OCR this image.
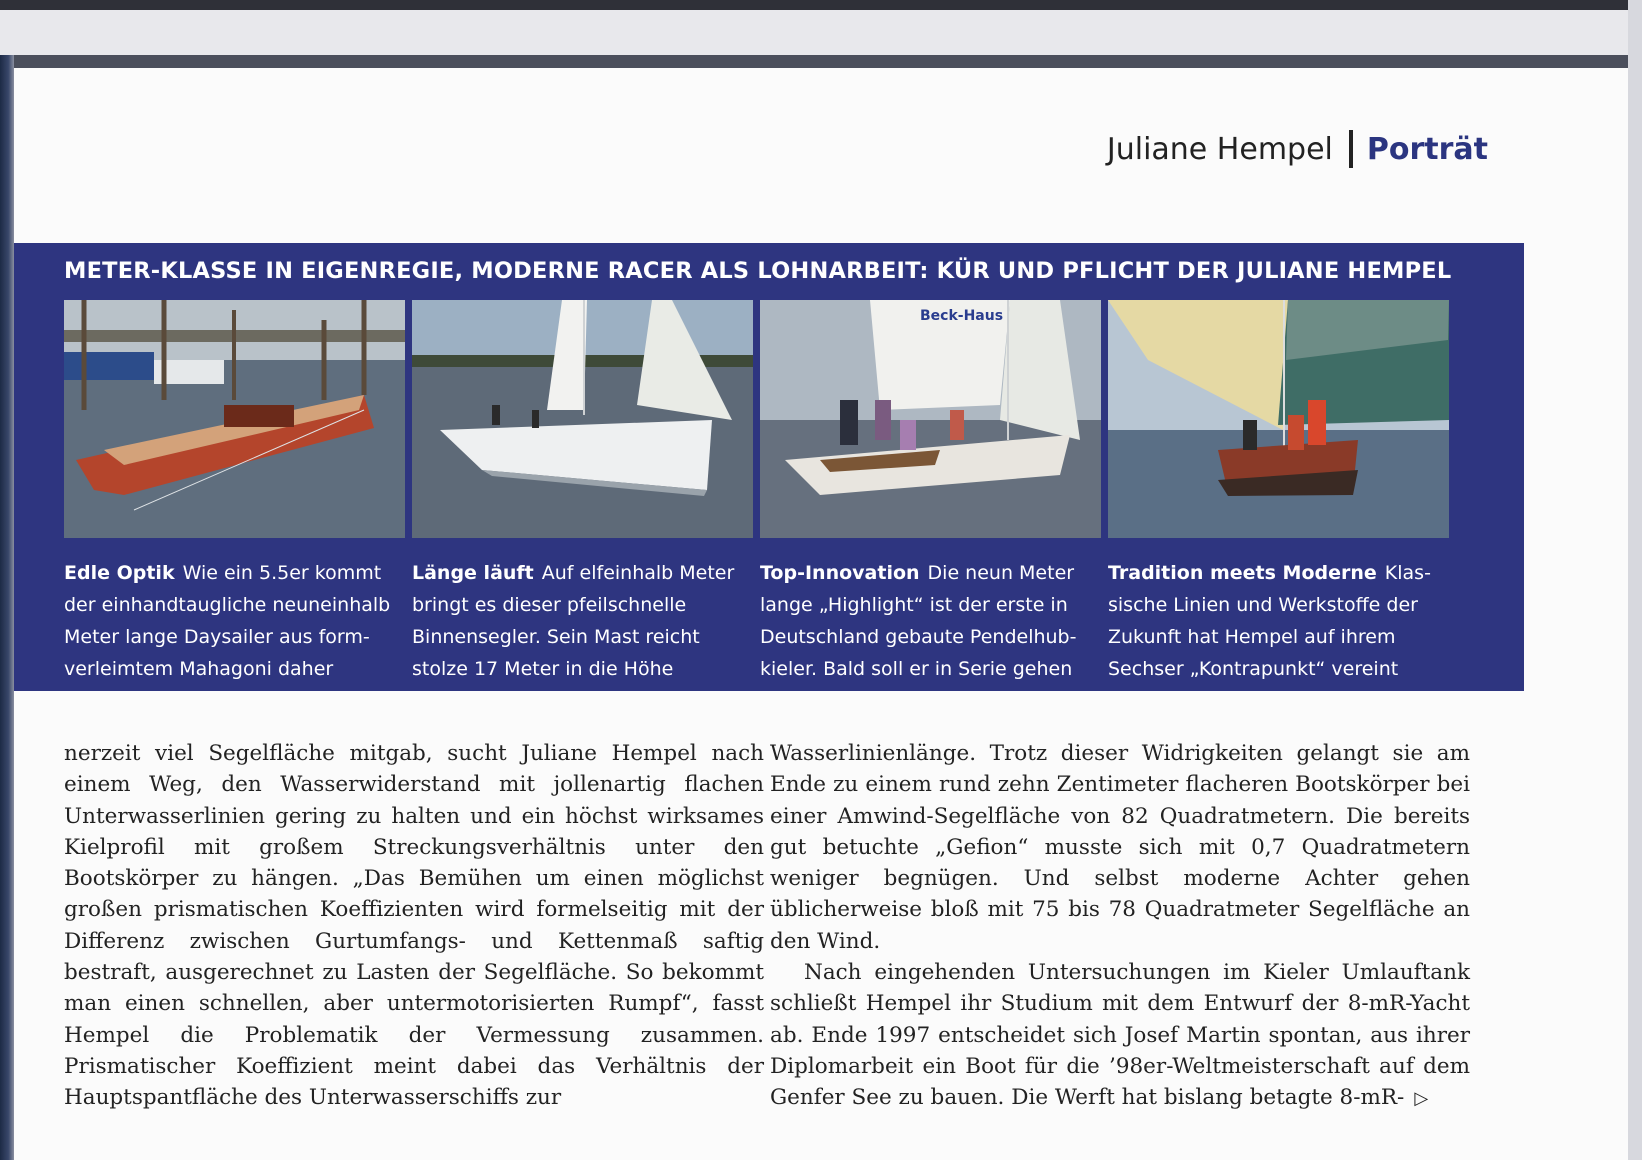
Juliane Hempel Porträt
METER-KLASSE IN EIGENREGIE, MODERNE RACER ALS LOHNARBEIT: KÜR UND PFLICHT DER JULIANE HEMPEL
Beck-Haus
Edle Optik Wie ein 5.5er kommt der einhandtaugliche neuneinhalb Meter lange Daysailer aus formverleimtem Mahagoni daher
Länge läuft Auf elfeinhalb Meter bringt es dieser pfeilschnelle Binnensegler. Sein Mast reicht stolze 17 Meter in die Höhe
Top-Innovation Die neun Meter lange „Highlight“ ist der erste in Deutschland gebaute Pendelhubkieler. Bald soll er in Serie gehen
Tradition meets Moderne Klassische Linien und Werkstoffe der Zukunft hat Hempel auf ihrem Sechser „Kontrapunkt“ vereint

nerzeit viel Segelfläche mitgab, sucht Juliane Hempel nach einem Weg, den Wasserwiderstand mit jollenartig flachen Unterwasserlinien gering zu halten und ein höchst wirksames Kielprofil mit großem Streckungsverhältnis unter den Bootskörper zu hängen. „Das Bemühen um einen möglichst großen prismatischen Koeffizienten wird formelseitig mit der Differenz zwischen Gurtumfangs- und Kettenmaß saftig bestraft, ausgerechnet zu Lasten der Segelfläche. So bekommt man einen schnellen, aber untermotorisierten Rumpf“, fasst Hempel die Problematik der Vermessung zusammen. Prismatischer Koeffizient meint dabei das Verhältnis der Hauptspantfläche des Unterwasserschiffs zur

Wasserlinienlänge. Trotz dieser Widrigkeiten gelangt sie am Ende zu einem rund zehn Zentimeter flacheren Bootskörper bei einer Amwind-Segelfläche von 82 Quadratmetern. Die bereits gut betuchte „Gefion“ musste sich mit 0,7 Quadratmetern weniger begnügen. Und selbst moderne Achter gehen üblicherweise bloß mit 75 bis 78 Quadratmeter Segelfläche an den Wind.

Nach eingehenden Untersuchungen im Kieler Umlauftank schließt Hempel ihr Studium mit dem Entwurf der 8-mR-Yacht ab. Ende 1997 entscheidet sich Josef Martin spontan, aus ihrer Diplomarbeit ein Boot für die ’98er-Weltmeisterschaft auf dem Genfer See zu bauen. Die Werft hat bislang betagte 8-mR- ▷
